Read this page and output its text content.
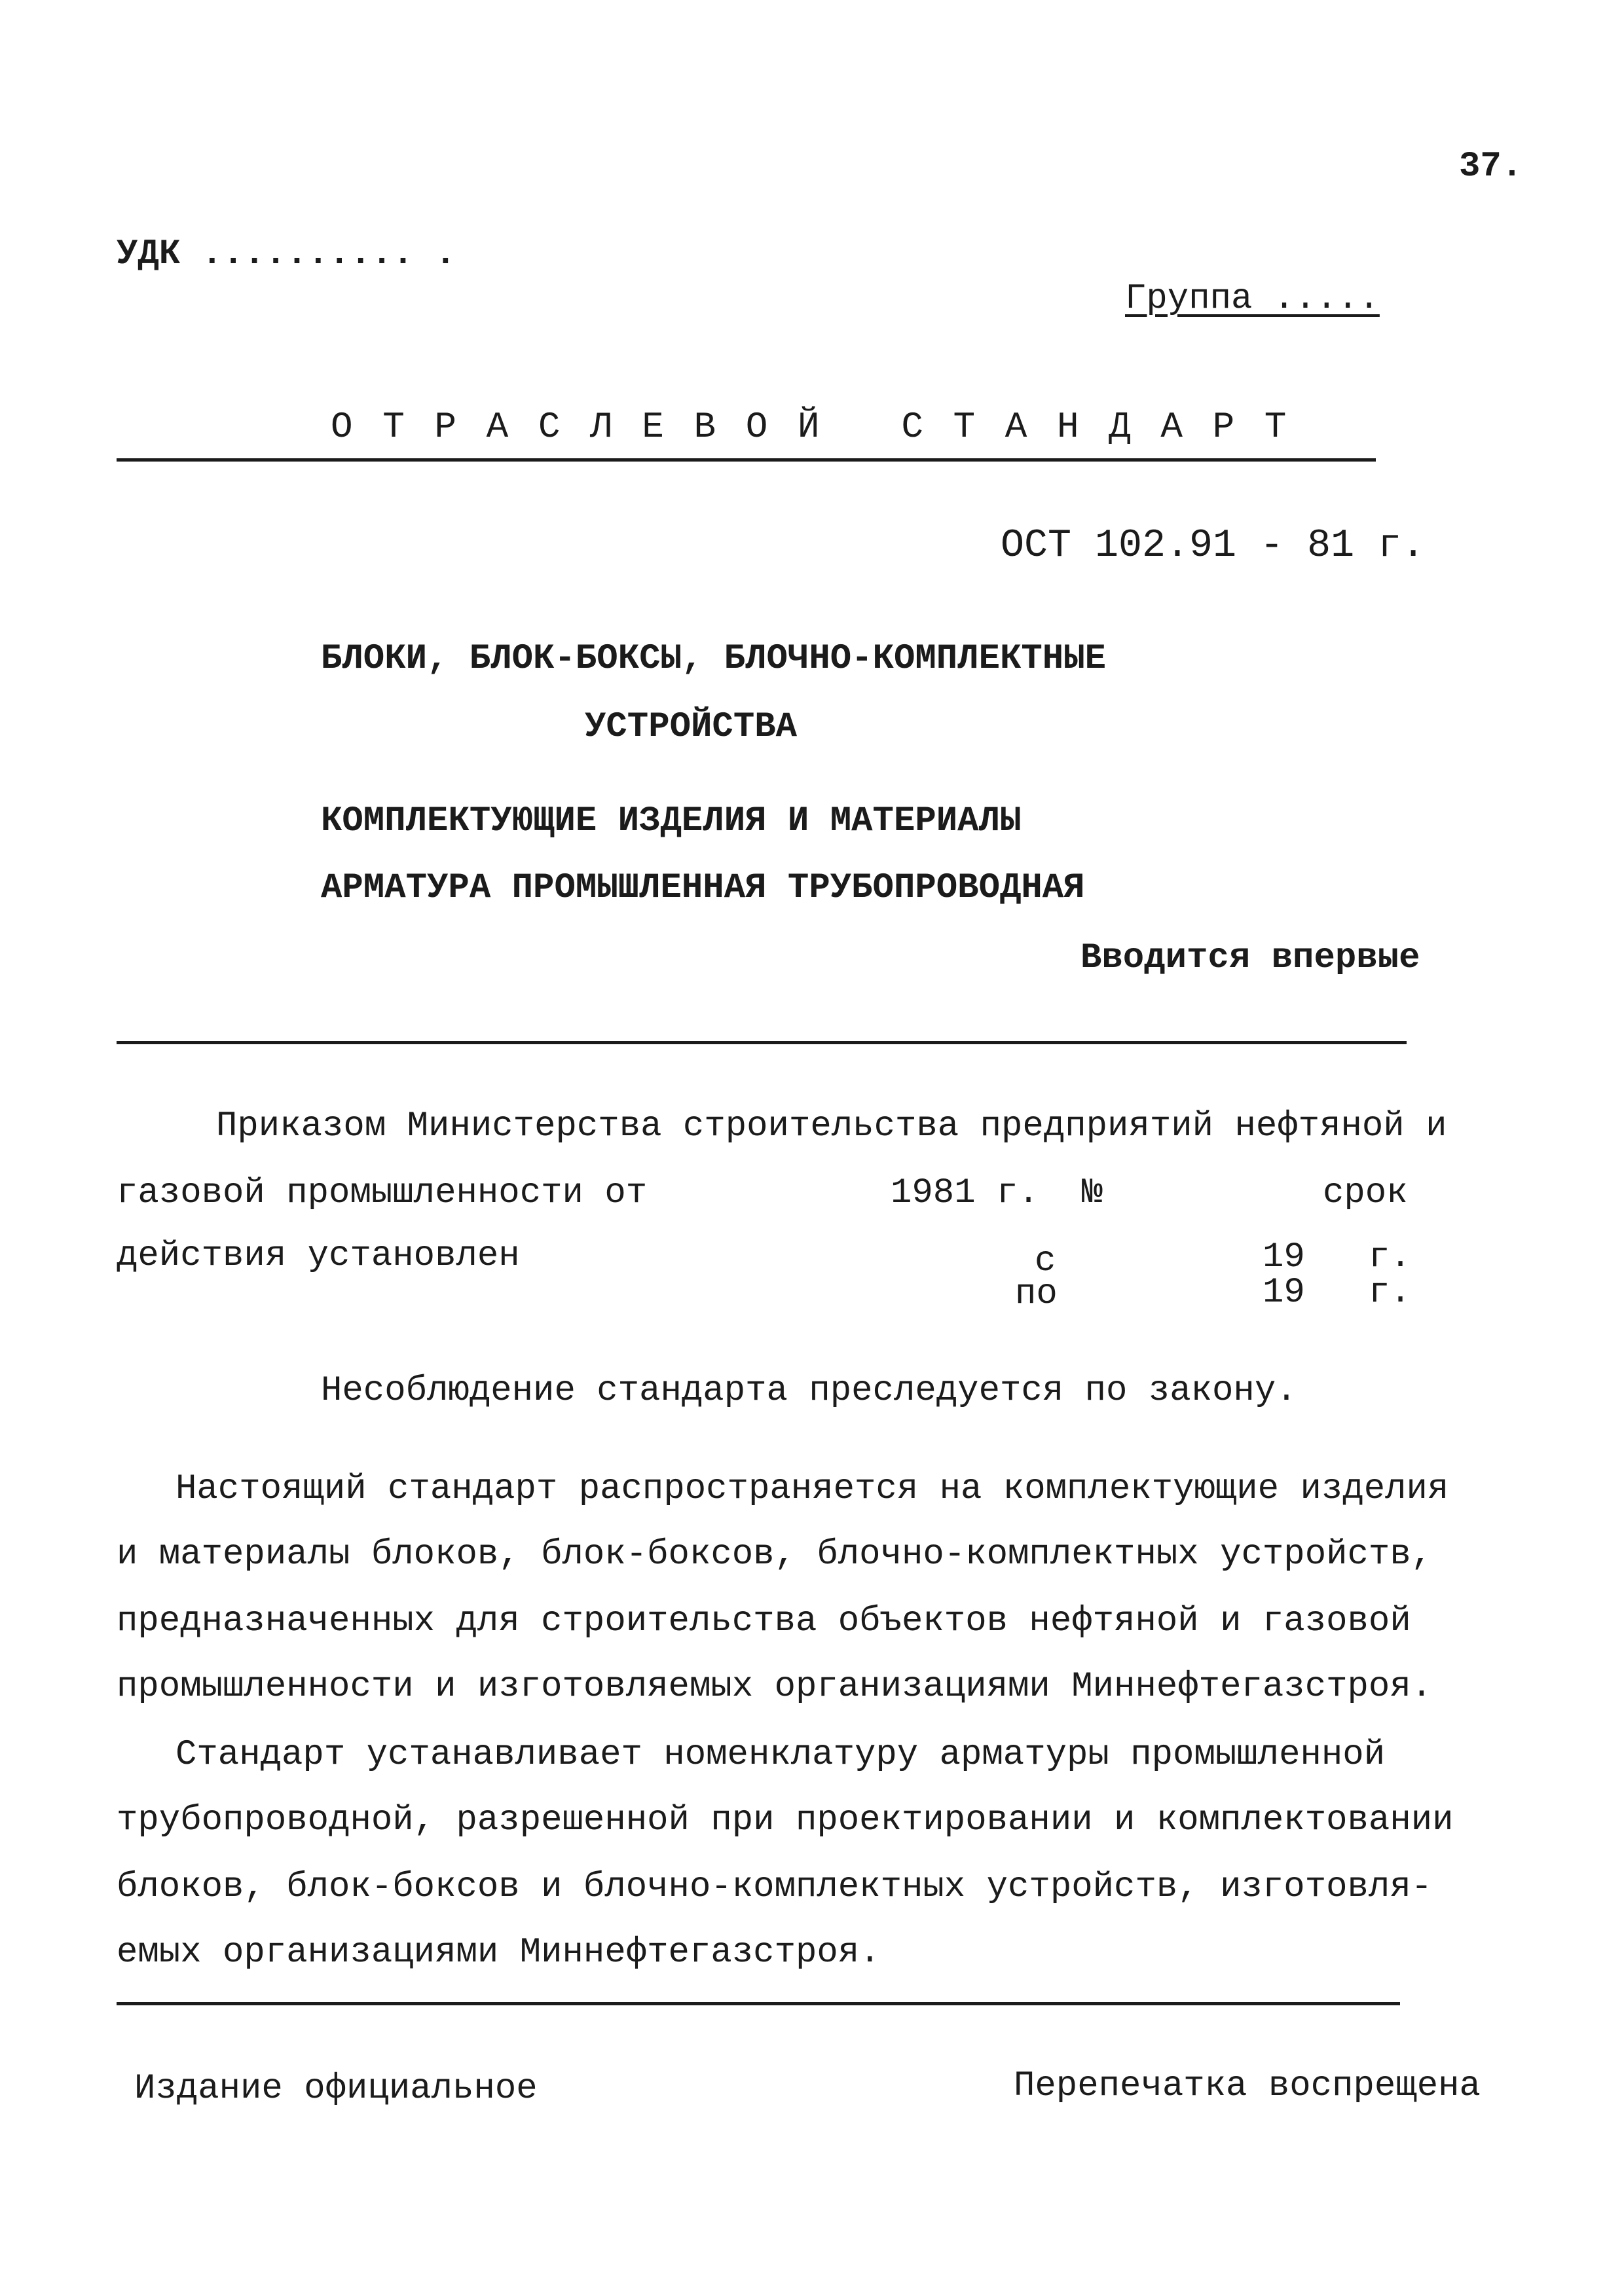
37.
УДК .......... .
Группа .....
О Т Р А С Л Е В О Й   С Т А Н Д А Р Т
ОСТ 102.91 - 81 г.
БЛОКИ, БЛОК-БОКСЫ, БЛОЧНО-КОМПЛЕКТНЫЕ
УСТРОЙСТВА
КОМПЛЕКТУЮЩИЕ ИЗДЕЛИЯ И МАТЕРИАЛЫ
АРМАТУРА ПРОМЫШЛЕННАЯ ТРУБОПРОВОДНАЯ
Вводится впервые
Приказом Министерства строительства предприятий нефтяной и
газовой промышленности от	1981 г.  №	срок
действия установлен	с	19   г.
по	19   г.
Несоблюдение стандарта преследуется по закону.
Настоящий стандарт распространяется на комплектующие изделия
и материалы блоков, блок-боксов, блочно-комплектных устройств,
предназначенных для строительства объектов нефтяной и газовой
промышленности и изготовляемых организациями Миннефтегазстроя.
Стандарт устанавливает номенклатуру арматуры промышленной
трубопроводной, разрешенной при проектировании и комплектовании
блоков, блок-боксов и блочно-комплектных устройств, изготовля-
емых организациями Миннефтегазстроя.
Издание официальное	Перепечатка воспрещена
